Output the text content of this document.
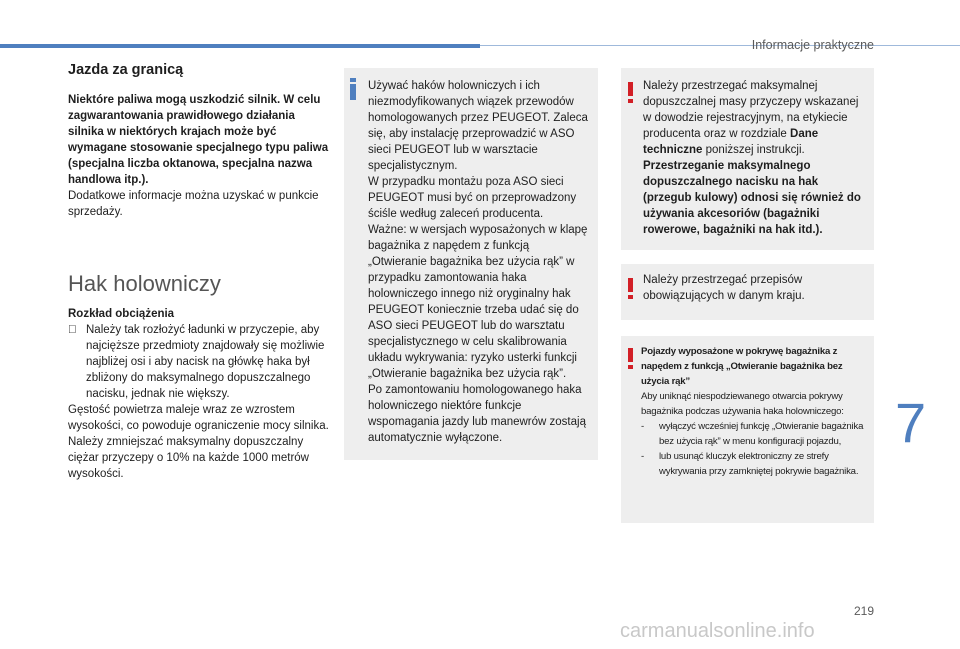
Informacje praktyczne
Jazda za granicą

Niektóre paliwa mogą uszkodzić silnik. W celu zagwarantowania prawidłowego działania silnika w niektórych krajach może być wymagane stosowanie specjalnego typu paliwa (specjalna liczba oktanowa, specjalna nazwa handlowa itp.).

Dodatkowe informacje można uzyskać w punkcie sprzedaży.

Hak holowniczy

Rozkład obciążenia

Należy tak rozłożyć ładunki w przyczepie, aby najcięższe przedmioty znajdowały się możliwie najbliżej osi i aby nacisk na główkę haka był zbliżony do maksymalnego dopuszczalnego nacisku, jednak nie większy.

Gęstość powietrza maleje wraz ze wzrostem wysokości, co powoduje ograniczenie mocy silnika. Należy zmniejszać maksymalny dopuszczalny ciężar przyczepy o 10% na każde 1000 metrów wysokości.

Używać haków holowniczych i ich niezmodyfikowanych wiązek przewodów homologowanych przez PEUGEOT. Zaleca się, aby instalację przeprowadzić w ASO sieci PEUGEOT lub w warsztacie specjalistycznym.
W przypadku montażu poza ASO sieci PEUGEOT musi być on przeprowadzony ściśle według zaleceń producenta.
Ważne: w wersjach wyposażonych w klapę bagażnika z napędem z funkcją „Otwieranie bagażnika bez użycia rąk” w przypadku zamontowania haka holowniczego innego niż oryginalny hak PEUGEOT koniecznie trzeba udać się do ASO sieci PEUGEOT lub do warsztatu specjalistycznego w celu skalibrowania układu wykrywania: ryzyko usterki funkcji „Otwieranie bagażnika bez użycia rąk”.
Po zamontowaniu homologowanego haka holowniczego niektóre funkcje wspomagania jazdy lub manewrów zostają automatycznie wyłączone.
Należy przestrzegać maksymalnej dopuszczalnej masy przyczepy wskazanej w dowodzie rejestracyjnym, na etykiecie producenta oraz w rozdziale Dane techniczne poniższej instrukcji.
Przestrzeganie maksymalnego dopuszczalnego nacisku na hak (przegub kulowy) odnosi się również do używania akcesoriów (bagażniki rowerowe, bagażniki na hak itd.).
Należy przestrzegać przepisów obowiązujących w danym kraju.
Pojazdy wyposażone w pokrywę bagażnika z napędem z funkcją „Otwieranie bagażnika bez użycia rąk”
Aby uniknąć niespodziewanego otwarcia pokrywy bagażnika podczas używania haka holowniczego:
-	wyłączyć wcześniej funkcję „Otwieranie bagażnika bez użycia rąk” w menu konfiguracji pojazdu,
-	lub usunąć kluczyk elektroniczny ze strefy wykrywania przy zamkniętej pokrywie bagażnika.
7
219
carmanualsonline.info
